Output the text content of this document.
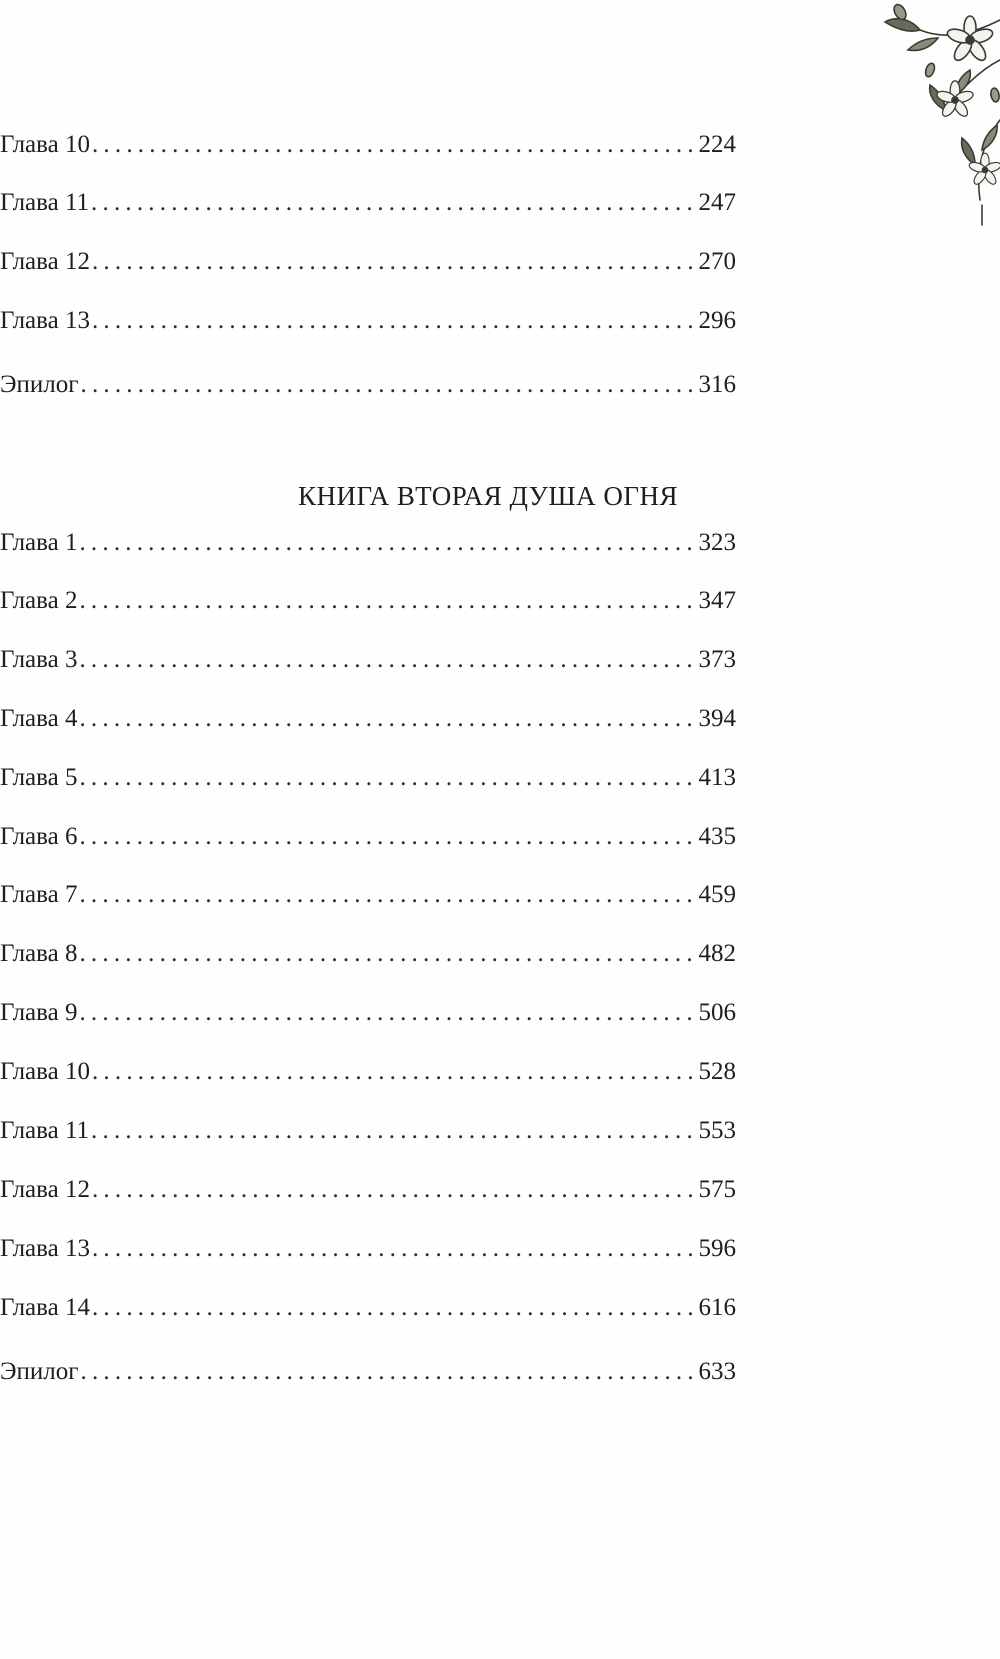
Глава 10 .....	224
Глава 11 .....	247
Глава 12 .....	270
Глава 13 .....	296
Эпилог .....	316
КНИГА ВТОРАЯ ДУША ОГНЯ
Глава 1 .....	323
Глава 2 .....	347
Глава 3 .....	373
Глава 4 .....	394
Глава 5 .....	413
Глава 6 .....	435
Глава 7 .....	459
Глава 8 .....	482
Глава 9 .....	506
Глава 10 .....	528
Глава 11 .....	553
Глава 12 .....	575
Глава 13 .....	596
Глава 14 .....	616
Эпилог .....	633
